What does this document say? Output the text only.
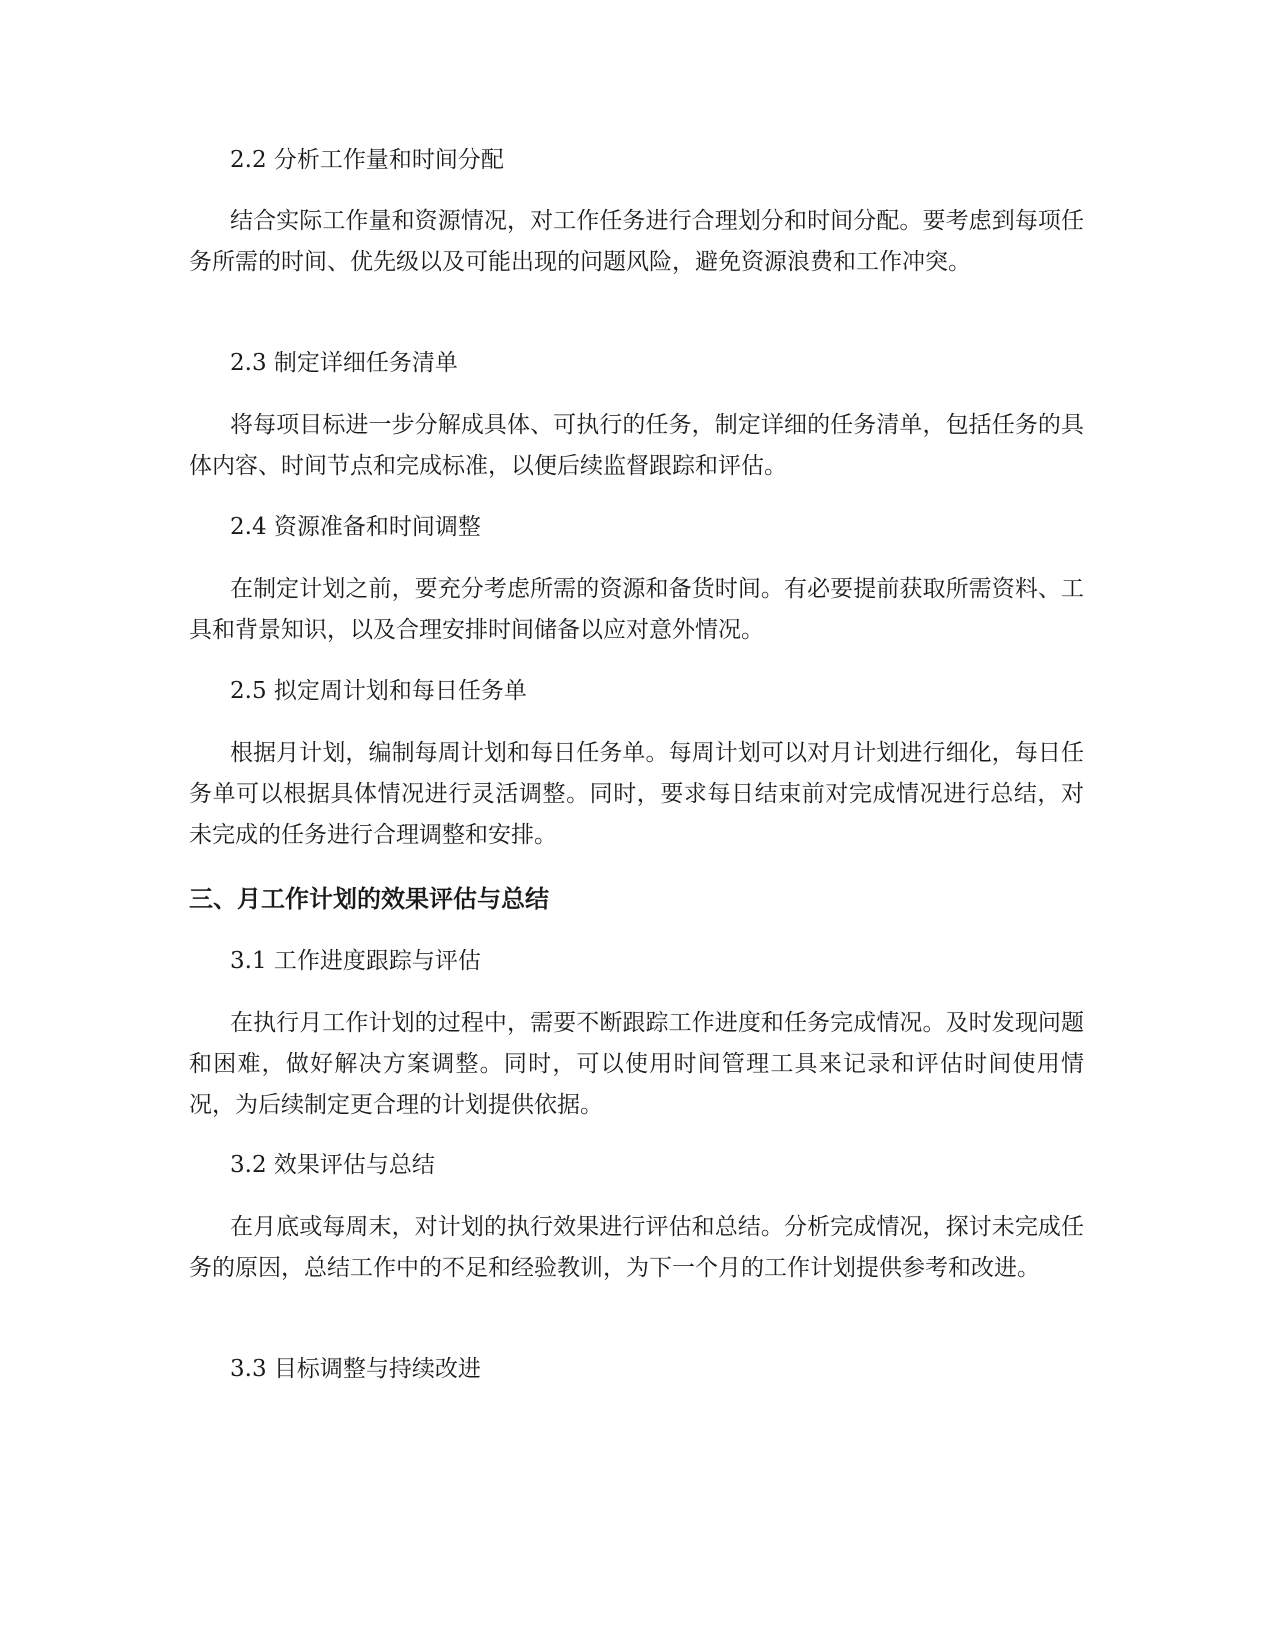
2.2 分析工作量和时间分配

结合实际工作量和资源情况，对工作任务进行合理划分和时间分配。要考虑到每项任务所需的时间、优先级以及可能出现的问题风险，避免资源浪费和工作冲突。

2.3 制定详细任务清单

将每项目标进一步分解成具体、可执行的任务，制定详细的任务清单，包括任务的具体内容、时间节点和完成标准，以便后续监督跟踪和评估。

2.4 资源准备和时间调整

在制定计划之前，要充分考虑所需的资源和备货时间。有必要提前获取所需资料、工具和背景知识，以及合理安排时间储备以应对意外情况。

2.5 拟定周计划和每日任务单

根据月计划，编制每周计划和每日任务单。每周计划可以对月计划进行细化，每日任务单可以根据具体情况进行灵活调整。同时，要求每日结束前对完成情况进行总结，对未完成的任务进行合理调整和安排。

三、月工作计划的效果评估与总结

3.1 工作进度跟踪与评估

在执行月工作计划的过程中，需要不断跟踪工作进度和任务完成情况。及时发现问题和困难，做好解决方案调整。同时，可以使用时间管理工具来记录和评估时间使用情况，为后续制定更合理的计划提供依据。

3.2 效果评估与总结

在月底或每周末，对计划的执行效果进行评估和总结。分析完成情况，探讨未完成任务的原因，总结工作中的不足和经验教训，为下一个月的工作计划提供参考和改进。

3.3 目标调整与持续改进
